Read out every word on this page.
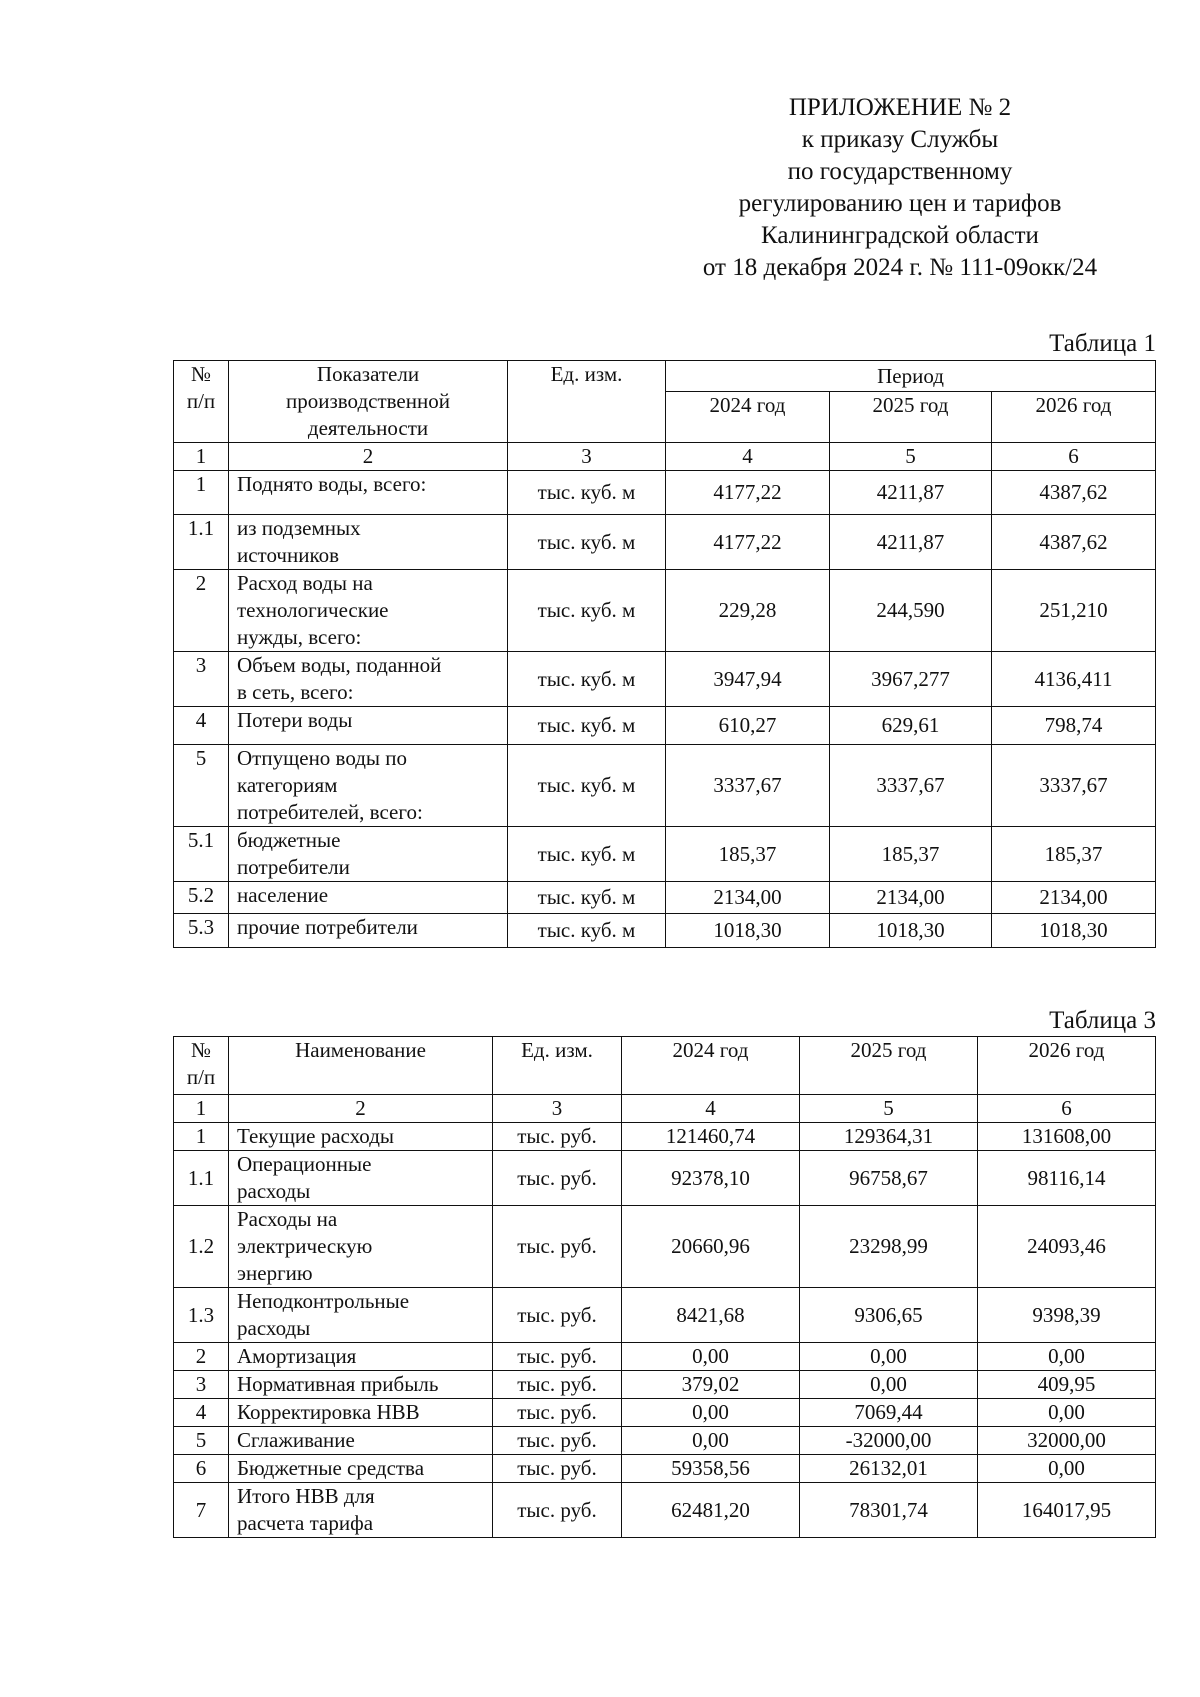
ПРИЛОЖЕНИЕ № 2
к приказу Службы
по государственному
регулированию цен и тарифов
Калининградской области
от 18 декабря 2024 г. № 111-09окк/24
Таблица 1
№
п/п	Показатели
производственной
деятельности	Ед. изм.	Период		
			2024 год	2025 год	2026 год
1	2	3	4	5	6
1	Поднято воды, всего:	тыс. куб. м	4177,22	4211,87	4387,62
1.1	из подземных
источников	тыс. куб. м	4177,22	4211,87	4387,62
2	Расход воды на
технологические
нужды, всего:	тыс. куб. м	229,28	244,590	251,210
3	Объем воды, поданной
в сеть, всего:	тыс. куб. м	3947,94	3967,277	4136,411
4	Потери воды	тыс. куб. м	610,27	629,61	798,74
5	Отпущено воды по
категориям
потребителей, всего:	тыс. куб. м	3337,67	3337,67	3337,67
5.1	бюджетные
потребители	тыс. куб. м	185,37	185,37	185,37
5.2	население	тыс. куб. м	2134,00	2134,00	2134,00
5.3	прочие потребители	тыс. куб. м	1018,30	1018,30	1018,30
Таблица 3
№
п/п	Наименование	Ед. изм.	2024 год	2025 год	2026 год
1	2	3	4	5	6
1	Текущие расходы	тыс. руб.	121460,74	129364,31	131608,00
1.1	Операционные
расходы	тыс. руб.	92378,10	96758,67	98116,14
1.2	Расходы на
электрическую
энергию	тыс. руб.	20660,96	23298,99	24093,46
1.3	Неподконтрольные
расходы	тыс. руб.	8421,68	9306,65	9398,39
2	Амортизация	тыс. руб.	0,00	0,00	0,00
3	Нормативная прибыль	тыс. руб.	379,02	0,00	409,95
4	Корректировка НВВ	тыс. руб.	0,00	7069,44	0,00
5	Сглаживание	тыс. руб.	0,00	-32000,00	32000,00
6	Бюджетные средства	тыс. руб.	59358,56	26132,01	0,00
7	Итого НВВ для
расчета тарифа	тыс. руб.	62481,20	78301,74	164017,95
